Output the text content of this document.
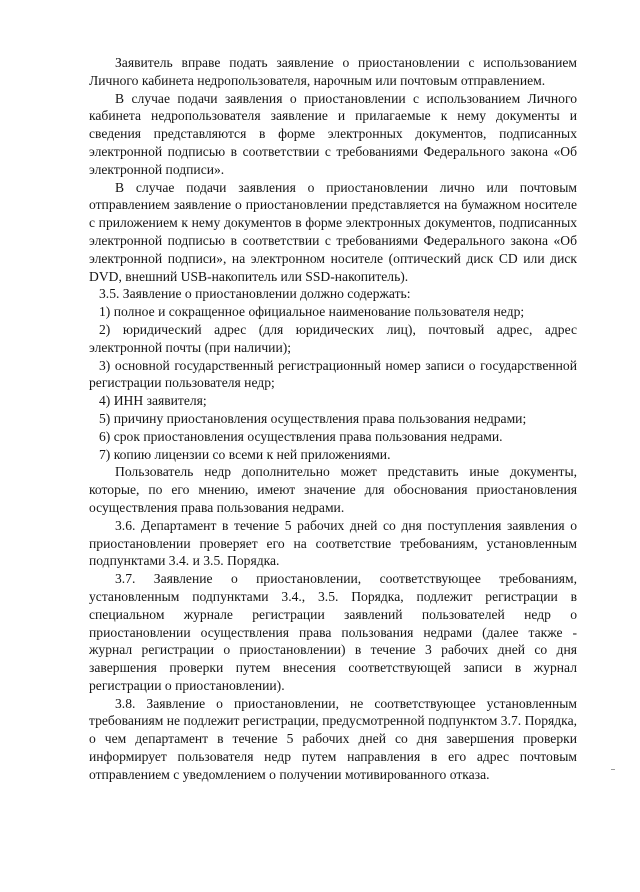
Заявитель вправе подать заявление о приостановлении с использованием Личного кабинета недропользователя, нарочным или почтовым отправлением.

В случае подачи заявления о приостановлении с использованием Личного кабинета недропользователя заявление и прилагаемые к нему документы и сведения представляются в форме электронных документов, подписанных электронной подписью в соответствии с требованиями Федерального закона «Об электронной подписи».

В случае подачи заявления о приостановлении лично или почтовым отправлением заявление о приостановлении представляется на бумажном носителе с приложением к нему документов в форме электронных документов, подписанных электронной подписью в соответствии с требованиями Федерального закона «Об электронной подписи», на электронном носителе (оптический диск CD или диск DVD, внешний USB-накопитель или SSD-накопитель).

3.5. Заявление о приостановлении должно содержать:

1) полное и сокращенное официальное наименование пользователя недр;

2) юридический адрес (для юридических лиц), почтовый адрес, адрес электронной почты (при наличии);

3) основной государственный регистрационный номер записи о государственной регистрации пользователя недр;

4) ИНН заявителя;

5) причину приостановления осуществления права пользования недрами;

6) срок приостановления осуществления права пользования недрами.

7) копию лицензии со всеми к ней приложениями.

Пользователь недр дополнительно может представить иные документы, которые, по его мнению, имеют значение для обоснования приостановления осуществления права пользования недрами.

3.6. Департамент в течение 5 рабочих дней со дня поступления заявления о приостановлении проверяет его на соответствие требованиям, установленным подпунктами 3.4. и 3.5. Порядка.

3.7. Заявление о приостановлении, соответствующее требованиям, установленным подпунктами 3.4., 3.5. Порядка, подлежит регистрации в специальном журнале регистрации заявлений пользователей недр о приостановлении осуществления права пользования недрами (далее также - журнал регистрации о приостановлении) в течение 3 рабочих дней со дня завершения проверки путем внесения соответствующей записи в журнал регистрации о приостановлении).

3.8. Заявление о приостановлении, не соответствующее установленным требованиям не подлежит регистрации, предусмотренной подпунктом 3.7. Порядка, о чем департамент в течение 5 рабочих дней со дня завершения проверки информирует пользователя недр путем направления в его адрес почтовым отправлением с уведомлением о получении мотивированного отказа.
